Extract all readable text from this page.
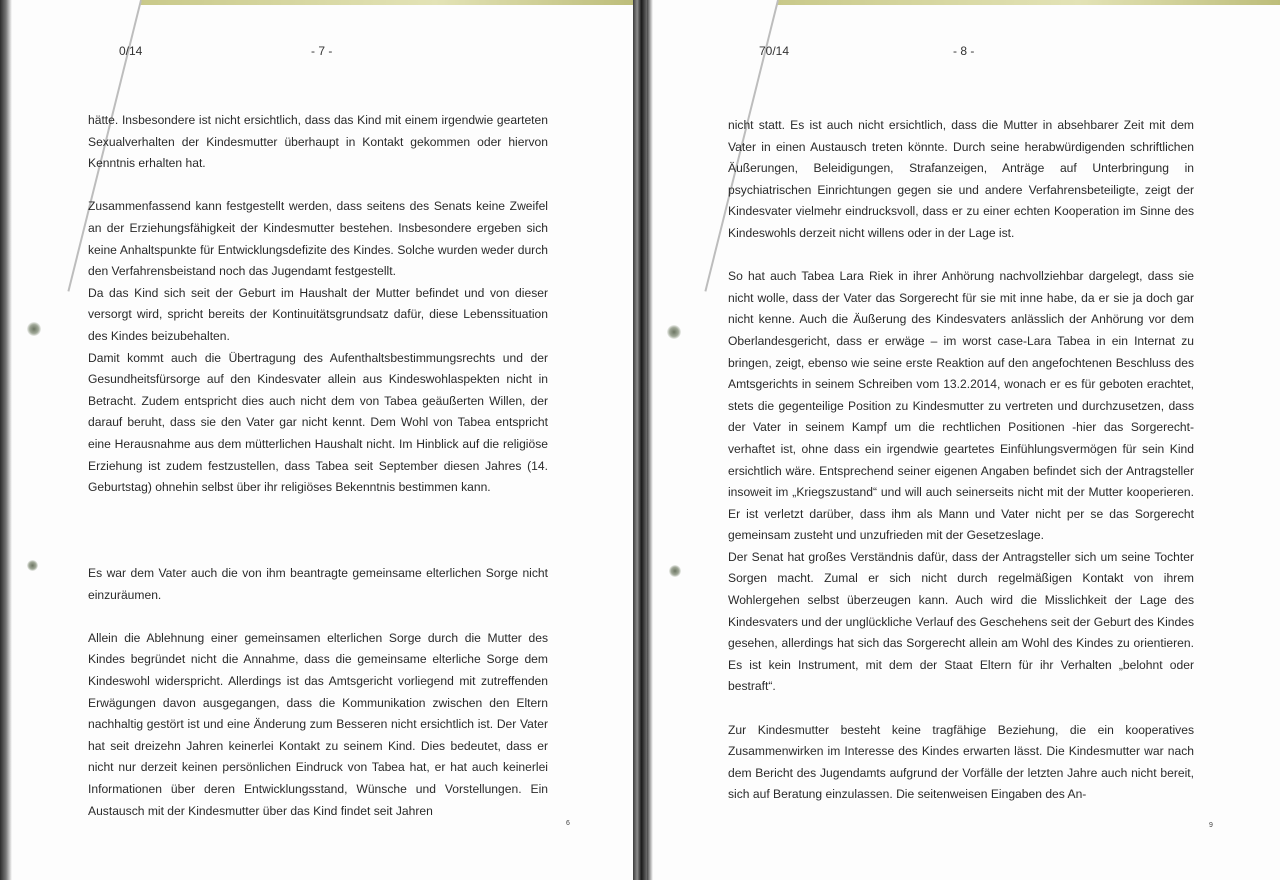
0/14	- 7 -

hätte. Insbesondere ist nicht ersichtlich, dass das Kind mit einem irgendwie gearteten Sexualverhalten der Kindesmutter überhaupt in Kontakt gekommen oder hiervon Kenntnis erhalten hat.

Zusammenfassend kann festgestellt werden, dass seitens des Senats keine Zweifel an der Erziehungsfähigkeit der Kindesmutter bestehen. Insbesondere ergeben sich keine Anhaltspunkte für Entwicklungsdefizite des Kindes. Solche wurden weder durch den Verfahrensbeistand noch das Jugendamt festgestellt.

Da das Kind sich seit der Geburt im Haushalt der Mutter befindet und von dieser versorgt wird, spricht bereits der Kontinuitätsgrundsatz dafür, diese Lebenssituation des Kindes beizubehalten.

Damit kommt auch die Übertragung des Aufenthaltsbestimmungsrechts und der Gesundheitsfürsorge auf den Kindesvater allein aus Kindeswohlaspekten nicht in Betracht. Zudem entspricht dies auch nicht dem von Tabea geäußerten Willen, der darauf beruht, dass sie den Vater gar nicht kennt. Dem Wohl von Tabea entspricht eine Herausnahme aus dem mütterlichen Haushalt nicht. Im Hinblick auf die religiöse Erziehung ist zudem festzustellen, dass Tabea seit September diesen Jahres (14. Geburtstag) ohnehin selbst über ihr religiöses Bekenntnis bestimmen kann.

Es war dem Vater auch die von ihm beantragte gemeinsame elterlichen Sorge nicht einzuräumen.

Allein die Ablehnung einer gemeinsamen elterlichen Sorge durch die Mutter des Kindes begründet nicht die Annahme, dass die gemeinsame elterliche Sorge dem Kindeswohl widerspricht. Allerdings ist das Amtsgericht vorliegend mit zutreffenden Erwägungen davon ausgegangen, dass die Kommunikation zwischen den Eltern nachhaltig gestört ist und eine Änderung zum Besseren nicht ersichtlich ist. Der Vater hat seit dreizehn Jahren keinerlei Kontakt zu seinem Kind. Dies bedeutet, dass er nicht nur derzeit keinen persönlichen Eindruck von Tabea hat, er hat auch keinerlei Informationen über deren Entwicklungsstand, Wünsche und Vorstellungen. Ein Austausch mit der Kindesmutter über das Kind findet seit Jahren

6
70/14	- 8 -

nicht statt. Es ist auch nicht ersichtlich, dass die Mutter in absehbarer Zeit mit dem Vater in einen Austausch treten könnte. Durch seine herabwürdigenden schriftlichen Äußerungen, Beleidigungen, Strafanzeigen, Anträge auf Unterbringung in psychiatrischen Einrichtungen gegen sie und andere Verfahrensbeteiligte, zeigt der Kindesvater vielmehr eindrucksvoll, dass er zu einer echten Kooperation im Sinne des Kindeswohls derzeit nicht willens oder in der Lage ist.

So hat auch Tabea Lara Riek in ihrer Anhörung nachvollziehbar dargelegt, dass sie nicht wolle, dass der Vater das Sorgerecht für sie mit inne habe, da er sie ja doch gar nicht kenne. Auch die Äußerung des Kindesvaters anlässlich der Anhörung vor dem Oberlandesgericht, dass er erwäge – im worst case-Lara Tabea in ein Internat zu bringen, zeigt, ebenso wie seine erste Reaktion auf den angefochtenen Beschluss des Amtsgerichts in seinem Schreiben vom 13.2.2014, wonach er es für geboten erachtet, stets die gegenteilige Position zu Kindesmutter zu vertreten und durchzusetzen, dass der Vater in seinem Kampf um die rechtlichen Positionen -hier das Sorgerecht- verhaftet ist, ohne dass ein irgendwie geartetes Einfühlungsvermögen für sein Kind ersichtlich wäre. Entsprechend seiner eigenen Angaben befindet sich der Antragsteller insoweit im „Kriegszustand“ und will auch seinerseits nicht mit der Mutter kooperieren. Er ist verletzt darüber, dass ihm als Mann und Vater nicht per se das Sorgerecht gemeinsam zusteht und unzufrieden mit der Gesetzeslage.

Der Senat hat großes Verständnis dafür, dass der Antragsteller sich um seine Tochter Sorgen macht. Zumal er sich nicht durch regelmäßigen Kontakt von ihrem Wohlergehen selbst überzeugen kann. Auch wird die Misslichkeit der Lage des Kindesvaters und der unglückliche Verlauf des Geschehens seit der Geburt des Kindes gesehen, allerdings hat sich das Sorgerecht allein am Wohl des Kindes zu orientieren. Es ist kein Instrument, mit dem der Staat Eltern für ihr Verhalten „belohnt oder bestraft“.

Zur Kindesmutter besteht keine tragfähige Beziehung, die ein kooperatives Zusammenwirken im Interesse des Kindes erwarten lässt. Die Kindesmutter war nach dem Bericht des Jugendamts aufgrund der Vorfälle der letzten Jahre auch nicht bereit, sich auf Beratung einzulassen. Die seitenweisen Eingaben des An-

9
